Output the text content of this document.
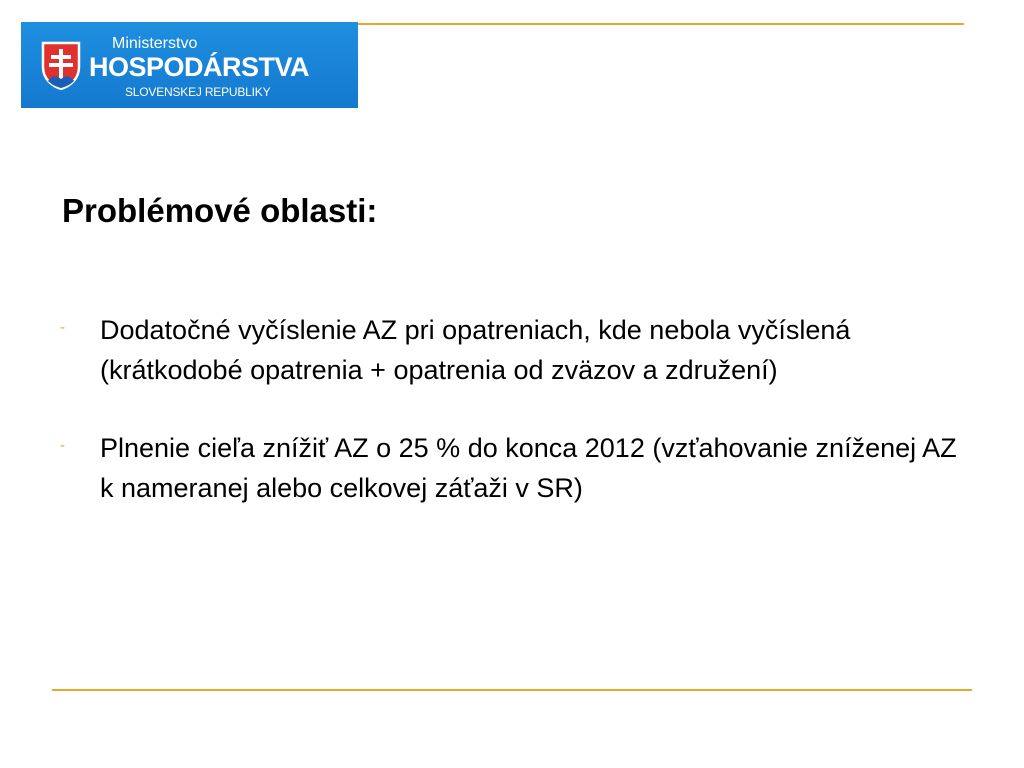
Ministerstvo
HOSPODÁRSTVA
SLOVENSKEJ REPUBLIKY
Problémové oblasti:
- Dodatočné vyčíslenie AZ pri opatreniach, kde nebola vyčíslená (krátkodobé opatrenia + opatrenia od zväzov a združení)
- Plnenie cieľa znížiť AZ o 25 % do konca 2012 (vzťahovanie zníženej AZ k nameranej alebo celkovej záťaži v SR)
